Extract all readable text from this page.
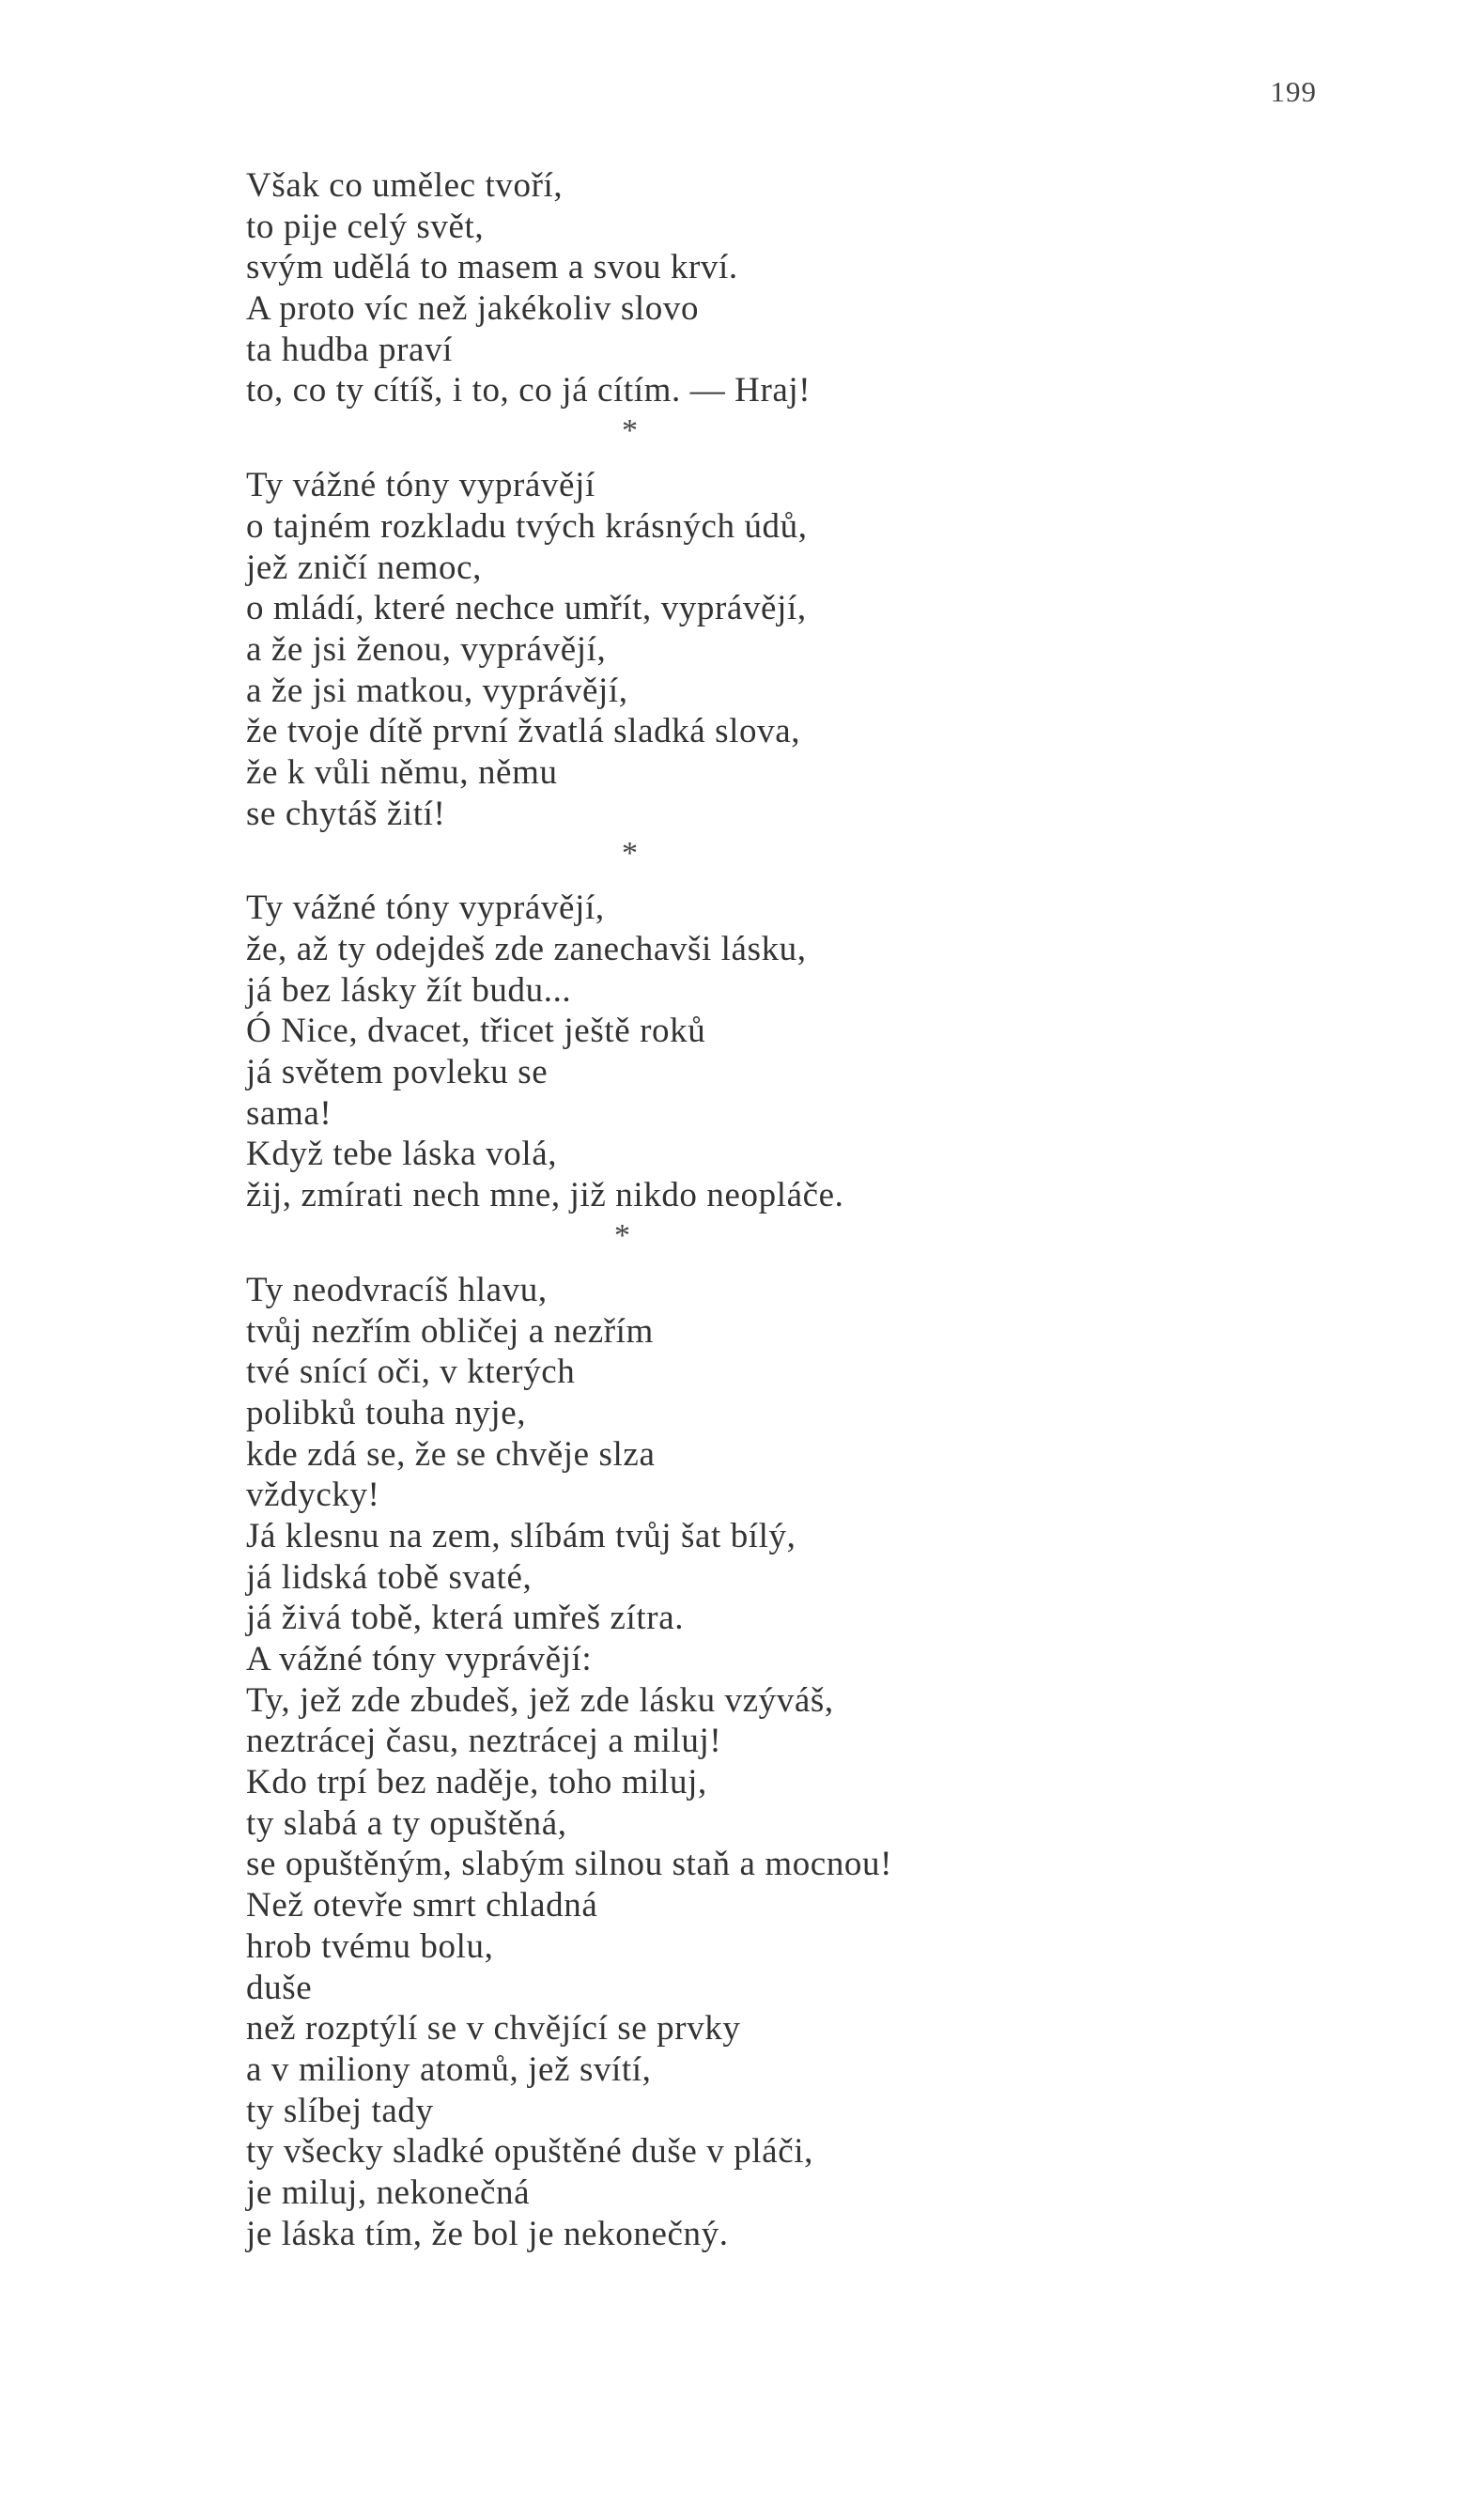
199
Však co umělec tvoří,
to pije celý svět,
svým udělá to masem a svou krví.
A proto víc než jakékoliv slovo
ta hudba praví
to, co ty cítíš, i to, co já cítím. — Hraj!
*
Ty vážné tóny vyprávějí
o tajném rozkladu tvých krásných údů,
jež zničí nemoc,
o mládí, které nechce umřít, vyprávějí,
a že jsi ženou, vyprávějí,
a že jsi matkou, vyprávějí,
že tvoje dítě první žvatlá sladká slova,
že k vůli němu, němu
se chytáš žití!
*
Ty vážné tóny vyprávějí,
že, až ty odejdeš zde zanechavši lásku,
já bez lásky žít budu...
Ó Nice, dvacet, třicet ještě roků
já světem povleku se
sama!
Když tebe láska volá,
žij, zmírati nech mne, již nikdo neopláče.
*
Ty neodvracíš hlavu,
tvůj nezřím obličej a nezřím
tvé snící oči, v kterých
polibků touha nyje,
kde zdá se, že se chvěje slza
vždycky!
Já klesnu na zem, slíbám tvůj šat bílý,
já lidská tobě svaté,
já živá tobě, která umřeš zítra.
A vážné tóny vyprávějí:
Ty, jež zde zbudeš, jež zde lásku vzýváš,
neztrácej času, neztrácej a miluj!
Kdo trpí bez naděje, toho miluj,
ty slabá a ty opuštěná,
se opuštěným, slabým silnou staň a mocnou!
Než otevře smrt chladná
hrob tvému bolu,
duše
než rozptýlí se v chvějící se prvky
a v miliony atomů, jež svítí,
ty slíbej tady
ty všecky sladké opuštěné duše v pláči,
je miluj, nekonečná
je láska tím, že bol je nekonečný.
